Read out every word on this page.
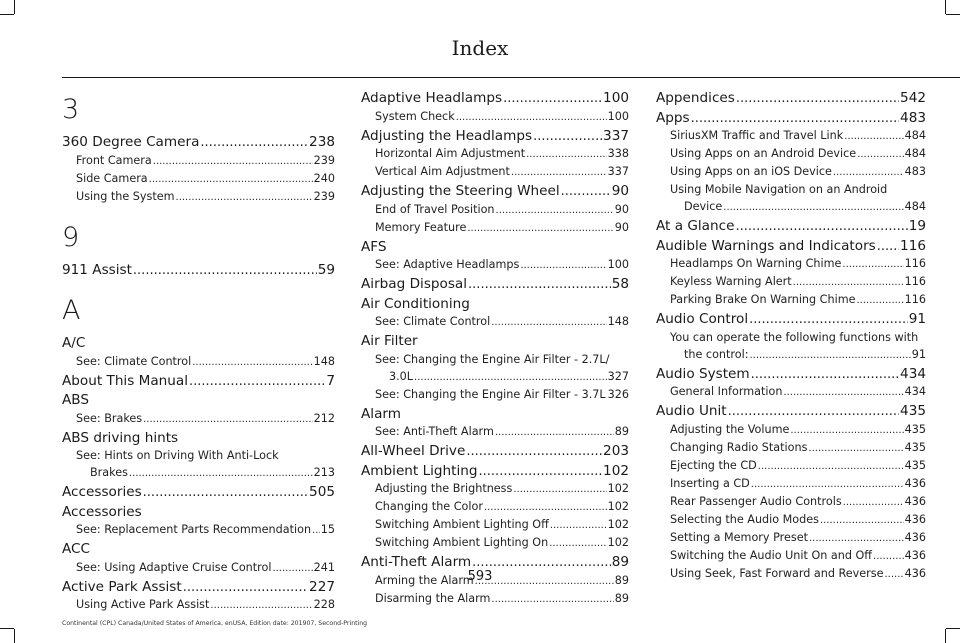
Index
3
360 Degree Camera .....	238
Front Camera .....	239
Side Camera .....	240
Using the System .....	239
9
911 Assist .....	59
A
A/C
See: Climate Control .....	148
About This Manual .....	7
ABS
See: Brakes .....	212
ABS driving hints
See: Hints on Driving With Anti-Lock
Brakes .....	213
Accessories .....	505
Accessories
See: Replacement Parts Recommendation ..... 15
ACC
See: Using Adaptive Cruise Control .....	241
Active Park Assist .....	227
Using Active Park Assist .....	228
Adaptive Headlamps .....	100
System Check .....	100
Adjusting the Headlamps .....	337
Horizontal Aim Adjustment .....	338
Vertical Aim Adjustment .....	337
Adjusting the Steering Wheel .....	90
End of Travel Position .....	90
Memory Feature .....	90
AFS
See: Adaptive Headlamps .....	100
Airbag Disposal .....	58
Air Conditioning
See: Climate Control .....	148
Air Filter
See: Changing the Engine Air Filter - 2.7L/
3.0L .....	327
See: Changing the Engine Air Filter - 3.7L ..... 326
Alarm
See: Anti-Theft Alarm .....	89
All-Wheel Drive .....	203
Ambient Lighting .....	102
Adjusting the Brightness .....	102
Changing the Color .....	102
Switching Ambient Lighting Off .....	102
Switching Ambient Lighting On .....	102
Anti-Theft Alarm .....	89
Arming the Alarm .....	89
Disarming the Alarm .....	89
Appendices .....	542
Apps .....	483
SiriusXM Traffic and Travel Link .....	484
Using Apps on an Android Device .....	484
Using Apps on an iOS Device .....	483
Using Mobile Navigation on an Android
Device .....	484
At a Glance .....	19
Audible Warnings and Indicators ..... 116
Headlamps On Warning Chime .....	116
Keyless Warning Alert .....	116
Parking Brake On Warning Chime .....	116
Audio Control .....	91
You can operate the following functions with
the control: .....	91
Audio System .....	434
General Information .....	434
Audio Unit .....	435
Adjusting the Volume .....	435
Changing Radio Stations .....	435
Ejecting the CD .....	435
Inserting a CD .....	436
Rear Passenger Audio Controls .....	436
Selecting the Audio Modes .....	436
Setting a Memory Preset .....	436
Switching the Audio Unit On and Off .....	436
Using Seek, Fast Forward and Reverse ..... 436
593
Continental (CPL) Canada/United States of America, enUSA, Edition date: 201907, Second-Printing
